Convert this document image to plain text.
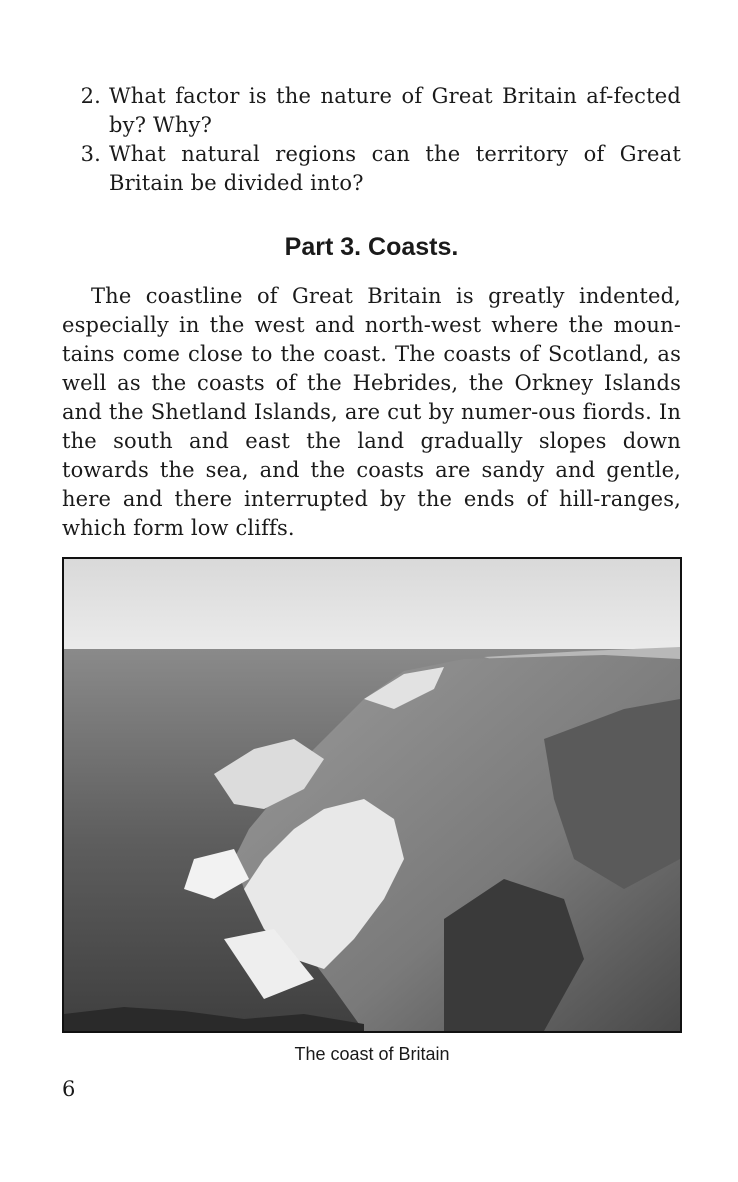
2. What factor is the nature of Great Britain af-fected by? Why?
3. What natural regions can the territory of Great Britain be divided into?
Part 3. Coasts.

The coastline of Great Britain is greatly indented, especially in the west and north-west where the moun-tains come close to the coast. The coasts of Scotland, as well as the coasts of the Hebrides, the Orkney Islands and the Shetland Islands, are cut by numer-ous fiords. In the south and east the land gradually slopes down towards the sea, and the coasts are sandy and gentle, here and there interrupted by the ends of hill-ranges, which form low cliffs.

The coast of Britain
6
